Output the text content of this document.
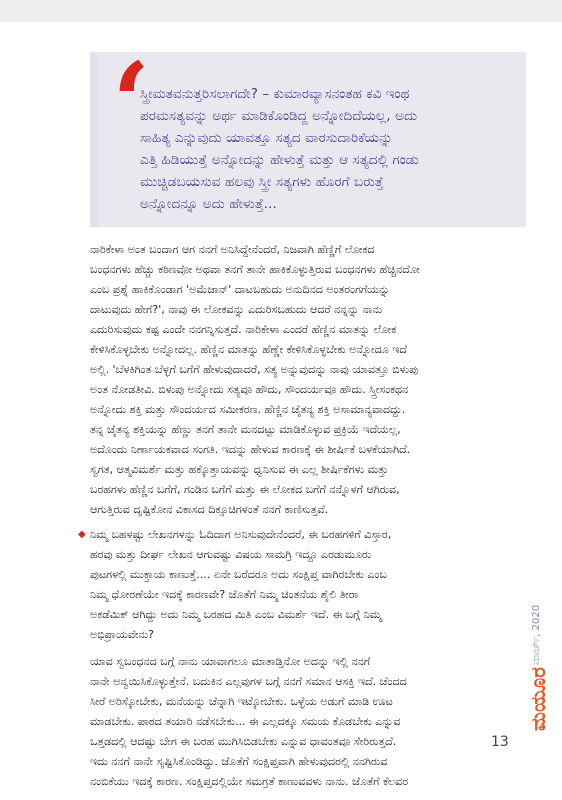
‘
ಸ್ತ್ರೀಮತವನುತ್ತರಿಸಲಾಗದೇ? – ಕುಮಾರವ್ಯಾಸನಂತಹ ಕವಿ ಇಂಥ
ಪರಮಸತ್ಯವನ್ನು ಅರ್ಥ ಮಾಡಿಕೊಂಡಿದ್ದ ಅನ್ನೋದಿದೆಯಲ್ಲ, ಅದು
ಸಾಹಿತ್ಯ ಎನ್ನುವುದು ಯಾವತ್ತೂ ಸತ್ಯದ ವಾರಸುದಾರಿಕೆಯನ್ನು
ಎತ್ತಿ ಹಿಡಿಯುತ್ತೆ ಅನ್ನೋದನ್ನು ಹೇಳುತ್ತೆ ಮತ್ತು ಆ ಸತ್ಯದಲ್ಲಿ ಗಂಡು
ಮುಚ್ಚಿಡಬಯಸುವ ಹಲವು ಸ್ತ್ರೀ ಸತ್ಯಗಳು ಹೊರಗೆ ಬರುತ್ತೆ
ಅನ್ನೋದನ್ನೂ ಅದು ಹೇಳುತ್ತೆ...
ನಾರಿಕೇಳಾ ಅಂತ ಬಂದಾಗ ಆಗ ನನಗೆ ಅನಿಸಿದ್ದೇನೆಂದರೆ, ನಿಜವಾಗಿ ಹೆಣ್ಣಿಗೆ ಲೋಕದ
ಬಂಧನಗಳು ಹೆಚ್ಚು ಕಠಿಣವೋ ಅಥವಾ ತನಗೆ ತಾನೇ ಹಾಕಿಕೊಳ್ಳುತ್ತಿರುವ ಬಂಧನಗಳು ಹೆಚ್ಚಿನದೋ
ಎಂಬ ಪ್ರಶ್ನೆ ಹಾಕಿಕೊಂಡಾಗ 'ಅಮೆಜಾನ್' ದಾಟಬಹುದು ಅನುದಿನದ ಅಂತರಂಗಗೆಯನ್ನು
ದಾಟುವುದು ಹೇಗೆ?', ನಾವು ಈ ಲೋಕವನ್ನು ಎದುರಿಸಬಹುದು ಆದರೆ ನನ್ನನ್ನು ನಾನು
ಎದುರಿಸುವುದು ಕಷ್ಟ ಎಂದೇ ನನಗನ್ನಿಸುತ್ತದೆ. ನಾರಿಕೇಳಾ ಎಂದರೆ ಹೆಣ್ಣಿನ ಮಾತನ್ನು ಲೋಕ
ಕೇಳಿಸಿಕೊಳ್ಳಬೇಕು ಅನ್ನೋದಲ್ಲ. ಹೆಣ್ಣಿನ ಮಾತನ್ನು ಹೆಣ್ಣೇ ಕೇಳಿಸಿಕೊಳ್ಳಬೇಕು ಅನ್ನೋದೂ ಇದೆ
ಅಲ್ಲಿ. 'ಬೆಳಕಿಗಿಂತ ಬೆಳ್ಳಗೆ ಬಗೆಗೆ ಹೇಳುವುದಾದರೆ, ಸತ್ಯ ಅನ್ನುವುದನ್ನು ನಾವು ಯಾವತ್ತೂ ಬಿಳುಪು
ಅಂತ ನೋಡತೀವಿ. ಬಿಳುಪು ಅನ್ನೋದು ಸತ್ಯವೂ ಹೌದು, ಸೌಂದರ್ಯವೂ ಹೌದು. ಸ್ತ್ರೀಸಂಕಥನ
ಅನ್ನೋದು ಶಕ್ತಿ ಮತ್ತು ಸೌಂದರ್ಯದ ಸಮೀಕರಣ. ಹೆಣ್ಣಿನ ಚೈತನ್ಯ ಶಕ್ತಿ ಅಸಾಮಾನ್ಯವಾದದ್ದು.
ತನ್ನ ಚೈತನ್ಯ ಶಕ್ತಿಯನ್ನು ಹೆಣ್ಣು ತನಗೆ ತಾನೇ ಮನದಟ್ಟು ಮಾಡಿಕೊಳ್ಳುವ ಪ್ರಕ್ರಿಯೆ ಇದೆಯಲ್ಲ,
ಅದೊಂದು ನಿರ್ಣಾಯಕವಾದ ಸಂಗತಿ. ಇದನ್ನು ಹೇಳುವ ಕಾರಣಕ್ಕೆ ಈ ಶೀರ್ಷಿಕೆ ಬಳಕೆಯಾಗಿದೆ.
ಸ್ವಗತ, ಆತ್ಮವಿಮರ್ಶೆ ಮತ್ತು ಹಕ್ಕೊತ್ತಾಯವನ್ನು ಧ್ವನಿಸುವ ಈ ಎಲ್ಲ ಶೀರ್ಷಿಕೆಗಳು ಮತ್ತು
ಬರಹಗಳು ಹೆಣ್ಣಿನ ಬಗೆಗೆ, ಗಂಡಿನ ಬಗೆಗೆ ಮತ್ತು ಈ ಲೋಕದ ಬಗೆಗೆ ನನ್ನೊಳಗೆ ಆಗಿರುವ,
ಆಗುತ್ತಿರುವ ದೃಷ್ಟಿಕೋನ ವಿಕಾಸದ ದಿಕ್ಸೂಚಿಗಳಂತೆ ನನಗೆ ಕಾಣಿಸುತ್ತವೆ.
◆ ನಿಮ್ಮ ಬಹಳಷ್ಟು ಲೇಖನಗಳನ್ನು ಓದಿದಾಗ ಅನಿಸುವುದೇನೆಂದರೆ, ಈ ಬರಹಗಳಿಗೆ ವಿಸ್ತಾರ,
ಹರವು ಮತ್ತು ದೀರ್ಘ ಲೇಖನ ಆಗುವಷ್ಟು ವಿಷಯ ಸಾಮಗ್ರಿ ಇದ್ದೂ ಎರಡುಮೂರು
ಪುಟಗಳಲ್ಲಿ ಮುಕ್ತಾಯ ಕಾಣುತ್ತೆ.... ಏನೇ ಬರೆದರೂ ಅದು ಸಂಕ್ಷಿಪ್ತ ವಾಗಿರಬೇಕು ಎಂಬ
ನಿಮ್ಮ ಧೋರಣೆಯೇ ಇದಕ್ಕೆ ಕಾರಣವೇ? ಜೊತೆಗೆ ನಿಮ್ಮ ಚಿಂತನೆಯ ಶೈಲಿ ತೀರಾ
ಅಕಡೆಮಿಕ್ ಆಗಿದ್ದು ಅದು ನಿಮ್ಮ ಬರಹದ ಮಿತಿ ಎಂಬ ವಿಮರ್ಶೆ ಇದೆ. ಈ ಬಗ್ಗೆ ನಿಮ್ಮ
ಅಭಿಪ್ರಾಯವೇನು?
ಯಾವ ಸ್ವಬಂಧನದ ಬಗ್ಗೆ ನಾನು ಯಾವಾಗಲೂ ಮಾತಾಡ್ತಿನೋ ಅದನ್ನು ಇಲ್ಲಿ ನನಗೆ
ನಾನೇ ಅನ್ವಯಿಸಿಕೊಳ್ಳುತ್ತೇನೆ. ಬದುಕಿನ ಎಲ್ಲವುಗಳ ಬಗ್ಗೆ ನನಗೆ ಸಮಾನ ಆಸಕ್ತಿ ಇದೆ. ಚೆಂದದ
ಸೀರೆ ಅರಿಸ್ಕೋಬೇಕು, ಮನೆಯನ್ನು ಚೆನ್ನಾಗಿ ಇಟ್ಕೋಬೇಕು. ಒಳ್ಳೆಯ ಅಡುಗೆ ಮಾಡಿ ಊಟ
ಮಾಡಬೇಕು. ಪಾಠದ ತಯಾರಿ ನಡೆಸಬೇಕು... ಈ ಎಲ್ಲದಕ್ಕೂ ಸಮಯ ಕೊಡಬೇಕು ಎನ್ನುವ
ಒತ್ತಡದಲ್ಲಿ ಆದಷ್ಟು ಬೇಗ ಈ ಬರಹ ಮುಗಿಸಿಬಿಡಬೇಕು ಎನ್ನುವ ಧಾವಂತವೂ ಸೇರಿರುತ್ತದೆ.
ಇದು ನನಗೆ ನಾನೇ ಸೃಷ್ಟಿಸಿಕೊಂಡಿದ್ದು. ಜೊತೆಗೆ ಸಂಕ್ಷಿಪ್ತವಾಗಿ ಹೇಳುವುದರಲ್ಲಿ ನನಗಿರುವ
ನಂಬಿಕೆಯು ಇದಕ್ಕೆ ಕಾರಣ. ಸಂಕ್ಷಿಪ್ತದಲ್ಲಿಯೇ ಸಮಗ್ರತೆ ಕಾಣುವವಳು ನಾನು. ಜೊತೆಗೆ ಕೆಲವರ
ಮಾರ್ಚ್, 2020
ಮಯೂರ
13
